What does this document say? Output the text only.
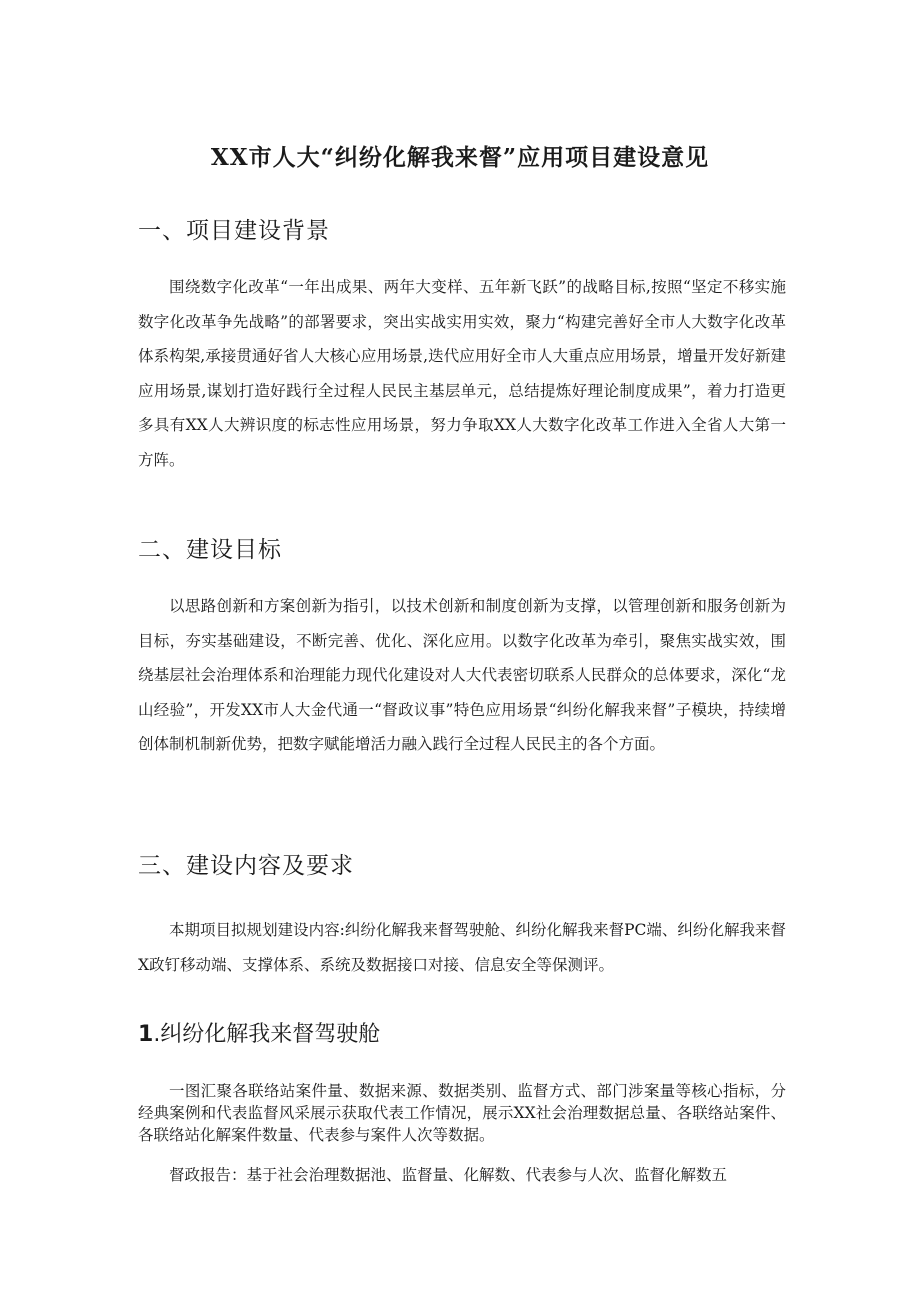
XX市人大“纠纷化解我来督”应用项目建设意见
一、项目建设背景
围绕数字化改革“一年出成果、两年大变样、五年新飞跃”的战略目标,按照“坚定不移实施数字化改革争先战略”的部署要求，突出实战实用实效，聚力“构建完善好全市人大数字化改革体系构架,承接贯通好省人大核心应用场景,迭代应用好全市人大重点应用场景，增量开发好新建应用场景,谋划打造好践行全过程人民民主基层单元，总结提炼好理论制度成果”，着力打造更多具有XX人大辨识度的标志性应用场景，努力争取XX人大数字化改革工作进入全省人大第一方阵。
二、建设目标
以思路创新和方案创新为指引，以技术创新和制度创新为支撑，以管理创新和服务创新为目标，夯实基础建设，不断完善、优化、深化应用。以数字化改革为牵引，聚焦实战实效，围绕基层社会治理体系和治理能力现代化建设对人大代表密切联系人民群众的总体要求，深化“龙山经验”，开发XX市人大金代通一“督政议事”特色应用场景“纠纷化解我来督”子模块，持续增创体制机制新优势，把数字赋能增活力融入践行全过程人民民主的各个方面。
三、建设内容及要求
本期项目拟规划建设内容:纠纷化解我来督驾驶舱、纠纷化解我来督PC端、纠纷化解我来督X政钉移动端、支撑体系、系统及数据接口对接、信息安全等保测评。
1.纠纷化解我来督驾驶舱
一图汇聚各联络站案件量、数据来源、数据类别、监督方式、部门涉案量等核心指标，分经典案例和代表监督风采展示获取代表工作情况，展示XX社会治理数据总量、各联络站案件、各联络站化解案件数量、代表参与案件人次等数据。
督政报告：基于社会治理数据池、监督量、化解数、代表参与人次、监督化解数五
